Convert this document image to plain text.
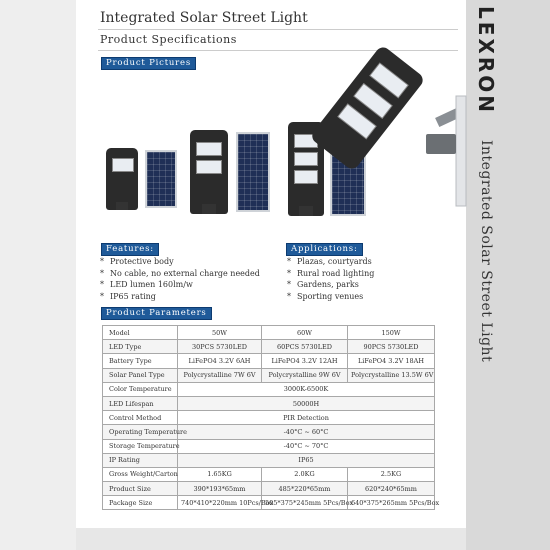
LEXRON
Integrated Solar Street Light
Integrated Solar Street Light
Product Specifications
Product Pictures
Features:
* Protective body
* No cable, no external charge needed
* LED lumen 160lm/w
* IP65 rating
Applications:
* Plazas, courtyards
* Rural road lighting
* Gardens, parks
* Sporting venues
Product Parameters
Model	50W	60W	150W
LED Type	30PCS 5730LED	60PCS 5730LED	90PCS 5730LED
Battery Type	LiFePO4 3.2V 6AH	LiFePO4 3.2V 12AH	LiFePO4 3.2V 18AH
Solar Panel Type	Polycrystalline 7W 6V	Polycrystalline 9W 6V	Polycrystalline 13.5W 6V
Color Temperature	3000K-6500K		
LED Lifespan	50000H		
Control Method	PIR Detection		
Operating Temperature	-40°C ~ 60°C		
Storage Temperature	-40°C ~ 70°C		
IP Rating	IP65		
Gross Weight/Carton	1.65KG	2.0KG	2.5KG
Product Size	390*193*65mm	485*220*65mm	620*240*65mm
Package Size	740*410*220mm 10Pcs/Box	505*375*245mm 5Pcs/Box	640*375*265mm 5Pcs/Box
